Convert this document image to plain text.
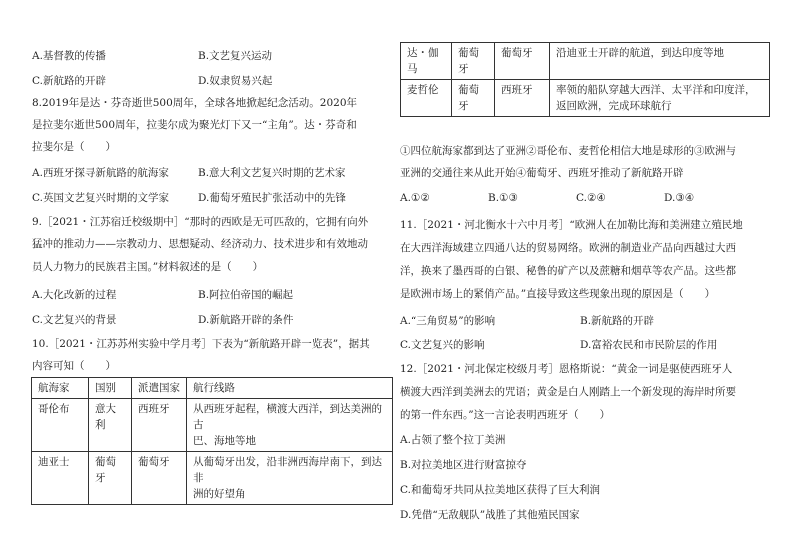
A.基督教的传播	B.文艺复兴运动
C.新航路的开辟	D.奴隶贸易兴起
8.2019年是达・芬奇逝世500周年，全球各地掀起纪念活动。2020年
是拉斐尔逝世500周年，拉斐尔成为聚光灯下又一“主角”。达・芬奇和
拉斐尔是（　　）
A.西班牙探寻新航路的航海家	B.意大利文艺复兴时期的艺术家
C.英国文艺复兴时期的文学家	D.葡萄牙殖民扩张活动中的先锋
9.［2021・江苏宿迁校级期中］“那时的西欧是无可匹敌的，它拥有向外
猛冲的推动力——宗教动力、思想疑动、经济动力、技术进步和有效地动
员人力物力的民族君主国。”材料叙述的是（　　）
A.大化改新的过程	B.阿拉伯帝国的崛起
C.文艺复兴的背景	D.新航路开辟的条件
10.［2021・江苏苏州实验中学月考］下表为“新航路开辟一览表”，据其
内容可知（　　）
航海家	国别	派遣国家	航行线路
哥伦布	意大利	西班牙	从西班牙起程，横渡大西洋，到达美洲的古
巴、海地等地

迪亚士	葡萄牙	葡萄牙	从葡萄牙出发，沿非洲西海岸南下，到达非
洲的好望角
达・伽
马	葡萄牙	葡萄牙	沿迪亚士开辟的航道，到达印度等地
麦哲伦	葡萄牙	西班牙	率领的船队穿越大西洋、太平洋和印度洋，
返回欧洲，完成环球航行
①四位航海家都到达了亚洲②哥伦布、麦哲伦相信大地是球形的③欧洲与
亚洲的交通往来从此开始④葡萄牙、西班牙推动了新航路开辟
A.①②	B.①③	C.②④	D.③④
11.［2021・河北衡水十六中月考］“欧洲人在加勒比海和美洲建立殖民地
在大西洋海域建立四通八达的贸易网络。欧洲的制造业产品向西越过大西
洋，换来了墨西哥的白银、秘鲁的矿产以及蔗糖和烟草等农产品。这些都
是欧洲市场上的紧俏产品。”直接导致这些现象出现的原因是（　　）
A.“三角贸易”的影响	B.新航路的开辟
C.文艺复兴的影响	D.富裕农民和市民阶层的作用
12.［2021・河北保定校级月考］恩格斯说：“黄金一词是驱使西班牙人
横渡大西洋到美洲去的咒语；黄金是白人刚踏上一个新发现的海岸时所要
的第一件东西。”这一言论表明西班牙（　　）
A.占领了整个拉丁美洲
B.对拉美地区进行财富掠夺
C.和葡萄牙共同从拉美地区获得了巨大利润
D.凭借“无敌舰队”战胜了其他殖民国家
